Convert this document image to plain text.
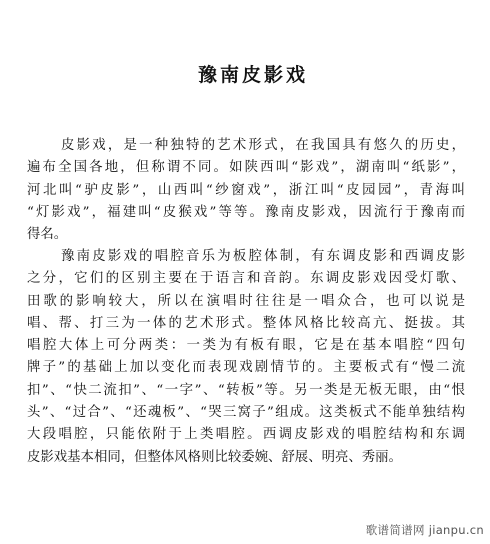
豫南皮影戏
皮影戏，是一种独特的艺术形式，在我国具有悠久的历史，
遍布全国各地，但称谓不同。如陕西叫“影戏”，湖南叫“纸影”，
河北叫“驴皮影”，山西叫“纱窗戏”，浙江叫“皮园园”，青海叫
“灯影戏”，福建叫“皮猴戏”等等。豫南皮影戏，因流行于豫南而
得名。
豫南皮影戏的唱腔音乐为板腔体制，有东调皮影和西调皮影
之分，它们的区别主要在于语言和音韵。东调皮影戏因受灯歌、
田歌的影响较大，所以在演唱时往往是一唱众合，也可以说是
唱、帮、打三为一体的艺术形式。整体风格比较高亢、挺拔。其
唱腔大体上可分两类：一类为有板有眼，它是在基本唱腔“四句
牌子”的基础上加以变化而表现戏剧情节的。主要板式有“慢二流
扣”、“快二流扣”、“一字”、“转板”等。另一类是无板无眼，由“恨
头”、“过合”、“还魂板”、“哭三窝子”组成。这类板式不能单独结构
大段唱腔，只能依附于上类唱腔。西调皮影戏的唱腔结构和东调
皮影戏基本相同，但整体风格则比较委婉、舒展、明亮、秀丽。
歌谱简谱网 jianpu.cn
